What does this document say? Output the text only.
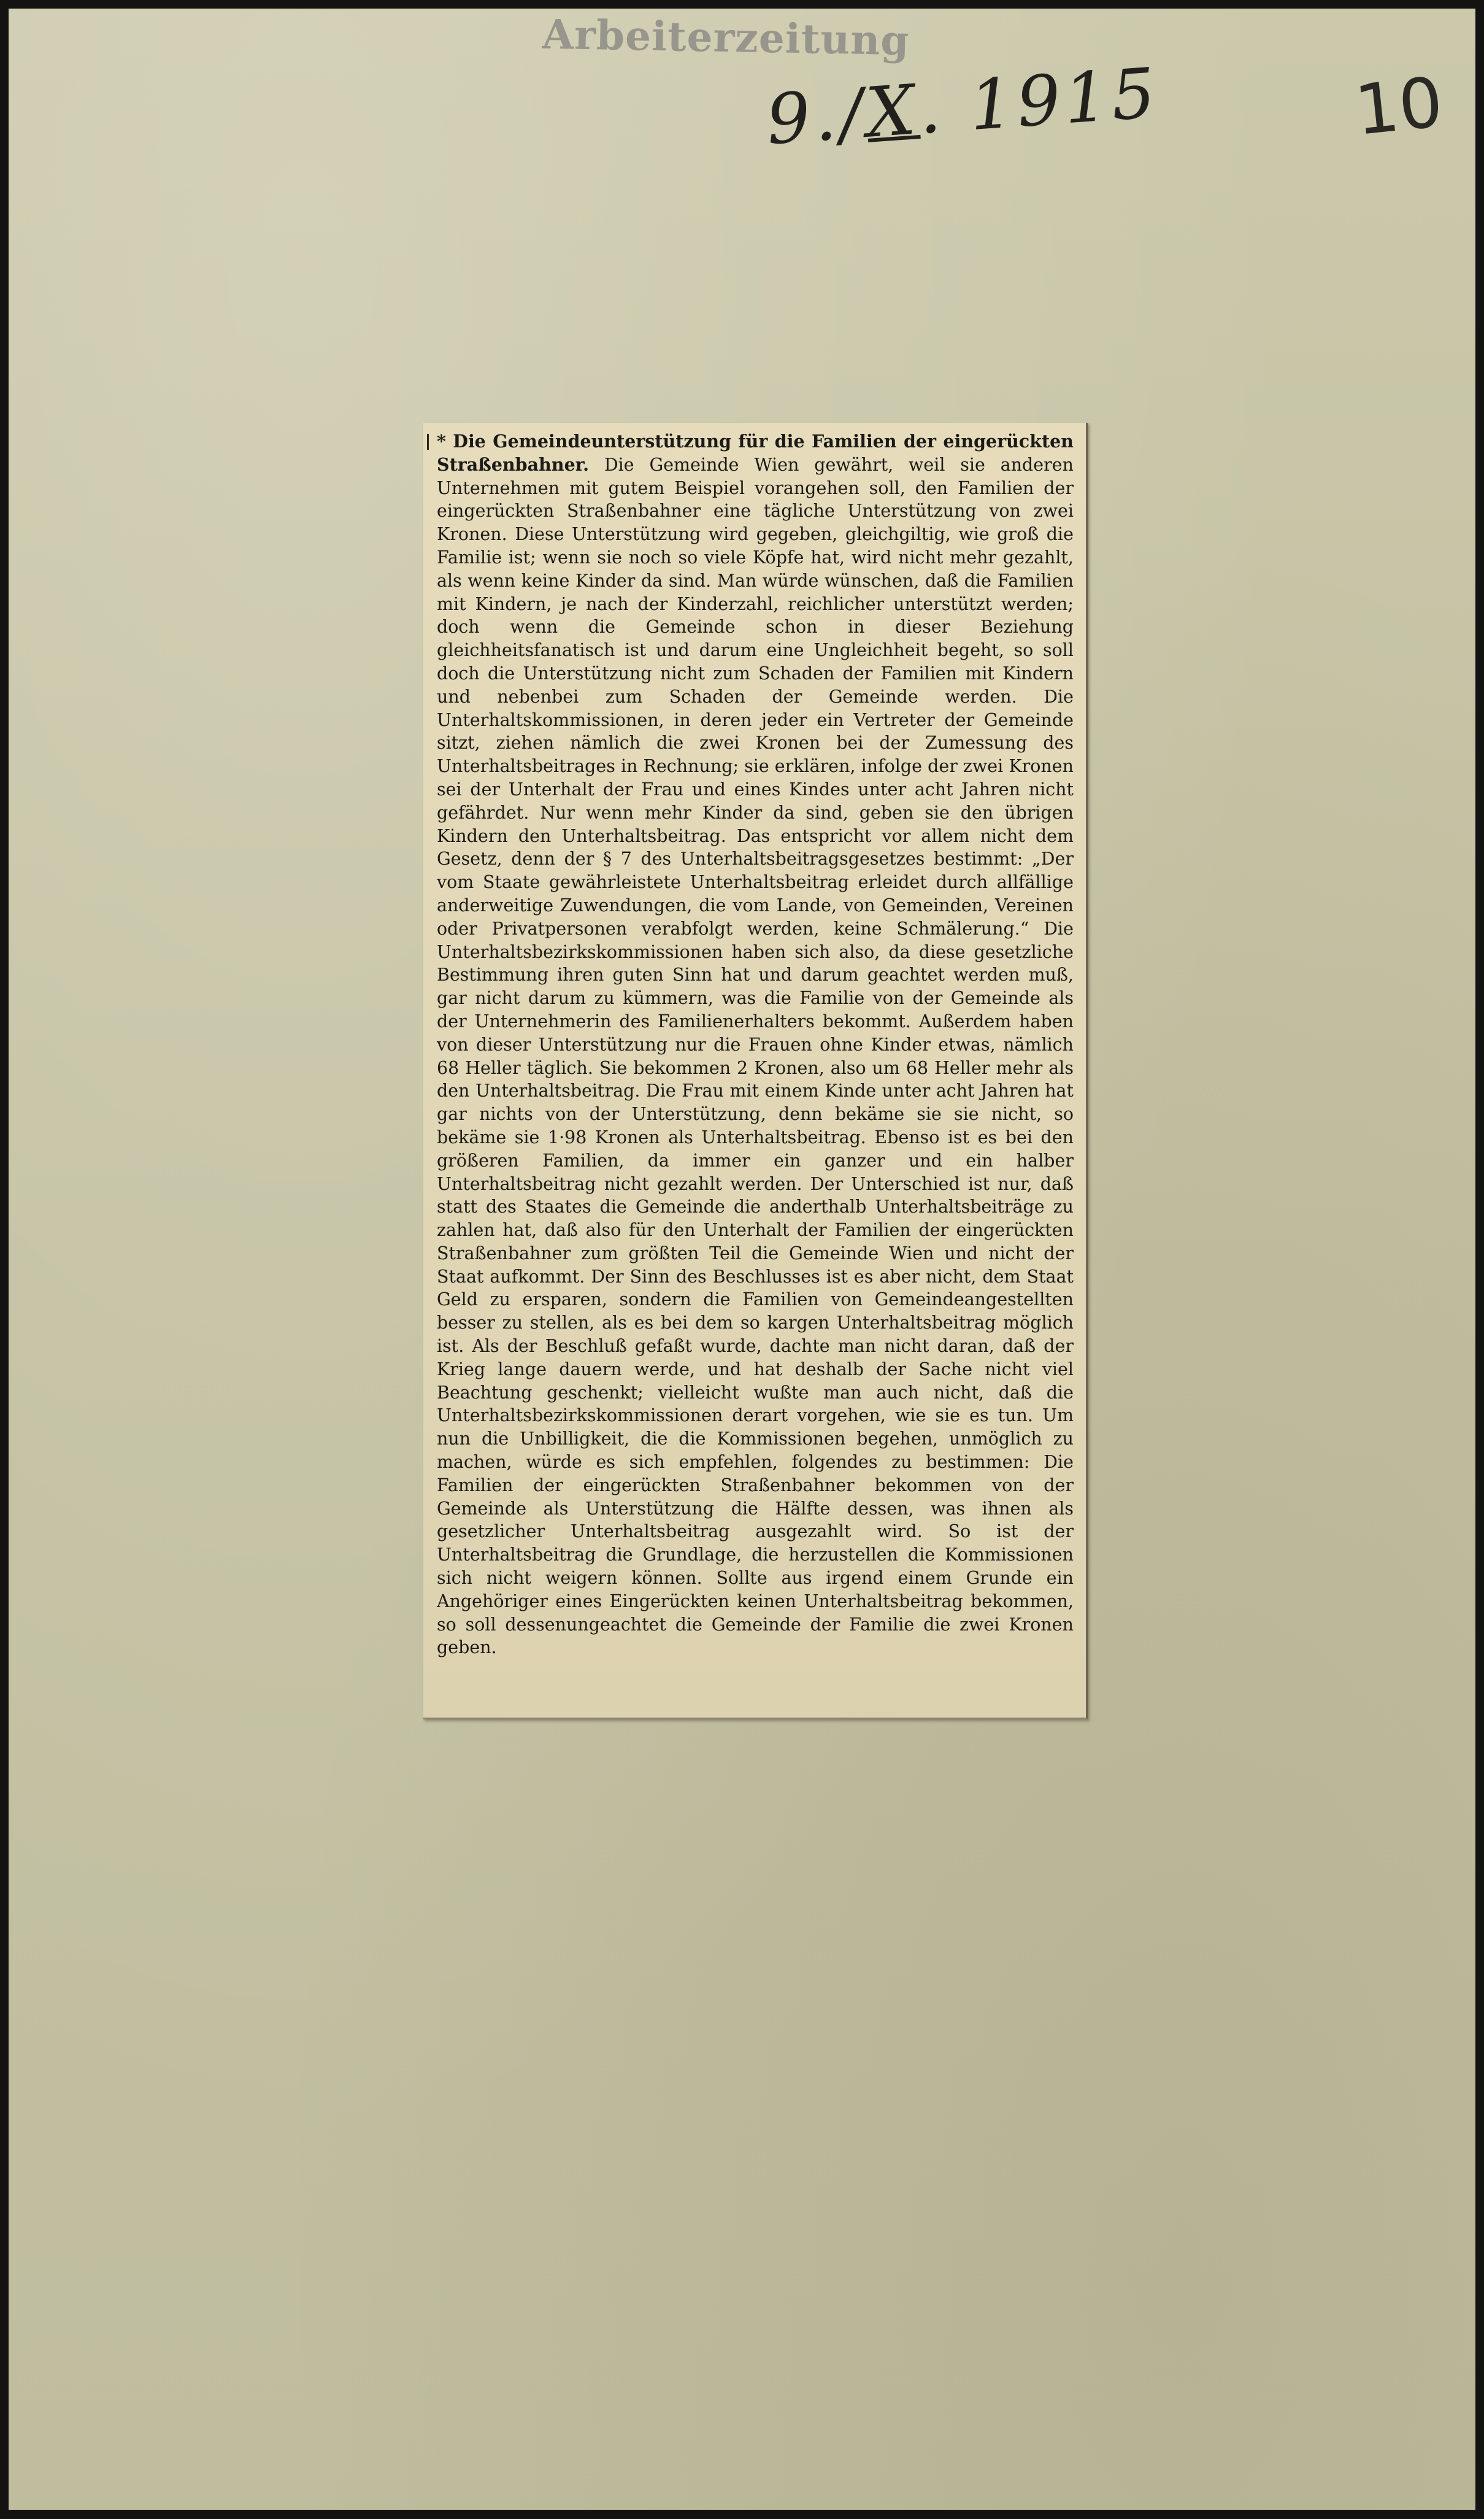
Arbeiterzeitung
9./X. 1915	10

* Die Gemeindeunterstützung für die Familien der eingerückten Straßenbahner. Die Gemeinde Wien gewährt, weil sie anderen Unternehmen mit gutem Beispiel vorangehen soll, den Familien der eingerückten Straßenbahner eine tägliche Unterstützung von zwei Kronen. Diese Unterstützung wird gegeben, gleichgiltig, wie groß die Familie ist; wenn sie noch so viele Köpfe hat, wird nicht mehr gezahlt, als wenn keine Kinder da sind. Man würde wünschen, daß die Familien mit Kindern, je nach der Kinderzahl, reichlicher unterstützt werden; doch wenn die Gemeinde schon in dieser Beziehung gleichheitsfanatisch ist und darum eine Ungleichheit begeht, so soll doch die Unterstützung nicht zum Schaden der Familien mit Kindern und nebenbei zum Schaden der Gemeinde werden. Die Unterhaltskommissionen, in deren jeder ein Vertreter der Gemeinde sitzt, ziehen nämlich die zwei Kronen bei der Zumessung des Unterhaltsbeitrages in Rechnung; sie erklären, infolge der zwei Kronen sei der Unterhalt der Frau und eines Kindes unter acht Jahren nicht gefährdet. Nur wenn mehr Kinder da sind, geben sie den übrigen Kindern den Unterhaltsbeitrag. Das entspricht vor allem nicht dem Gesetz, denn der § 7 des Unterhaltsbeitragsgesetzes bestimmt: „Der vom Staate gewährleistete Unterhaltsbeitrag erleidet durch allfällige anderweitige Zuwendungen, die vom Lande, von Gemeinden, Vereinen oder Privatpersonen verabfolgt werden, keine Schmälerung.“ Die Unterhaltsbezirkskommissionen haben sich also, da diese gesetzliche Bestimmung ihren guten Sinn hat und darum geachtet werden muß, gar nicht darum zu kümmern, was die Familie von der Gemeinde als der Unternehmerin des Familienerhalters bekommt. Außerdem haben von dieser Unterstützung nur die Frauen ohne Kinder etwas, nämlich 68 Heller täglich. Sie bekommen 2 Kronen, also um 68 Heller mehr als den Unterhaltsbeitrag. Die Frau mit einem Kinde unter acht Jahren hat gar nichts von der Unterstützung, denn bekäme sie sie nicht, so bekäme sie 1·98 Kronen als Unterhaltsbeitrag. Ebenso ist es bei den größeren Familien, da immer ein ganzer und ein halber Unterhaltsbeitrag nicht gezahlt werden. Der Unterschied ist nur, daß statt des Staates die Gemeinde die anderthalb Unterhaltsbeiträge zu zahlen hat, daß also für den Unterhalt der Familien der eingerückten Straßenbahner zum größten Teil die Gemeinde Wien und nicht der Staat aufkommt. Der Sinn des Beschlusses ist es aber nicht, dem Staat Geld zu ersparen, sondern die Familien von Gemeindeangestellten besser zu stellen, als es bei dem so kargen Unterhaltsbeitrag möglich ist. Als der Beschluß gefaßt wurde, dachte man nicht daran, daß der Krieg lange dauern werde, und hat deshalb der Sache nicht viel Beachtung geschenkt; vielleicht wußte man auch nicht, daß die Unterhaltsbezirkskommissionen derart vorgehen, wie sie es tun. Um nun die Unbilligkeit, die die Kommissionen begehen, unmöglich zu machen, würde es sich empfehlen, folgendes zu bestimmen: Die Familien der eingerückten Straßenbahner bekommen von der Gemeinde als Unterstützung die Hälfte dessen, was ihnen als gesetzlicher Unterhaltsbeitrag ausgezahlt wird. So ist der Unterhaltsbeitrag die Grundlage, die herzustellen die Kommissionen sich nicht weigern können. Sollte aus irgend einem Grunde ein Angehöriger eines Eingerückten keinen Unterhaltsbeitrag bekommen, so soll dessenungeachtet die Gemeinde der Familie die zwei Kronen geben.
